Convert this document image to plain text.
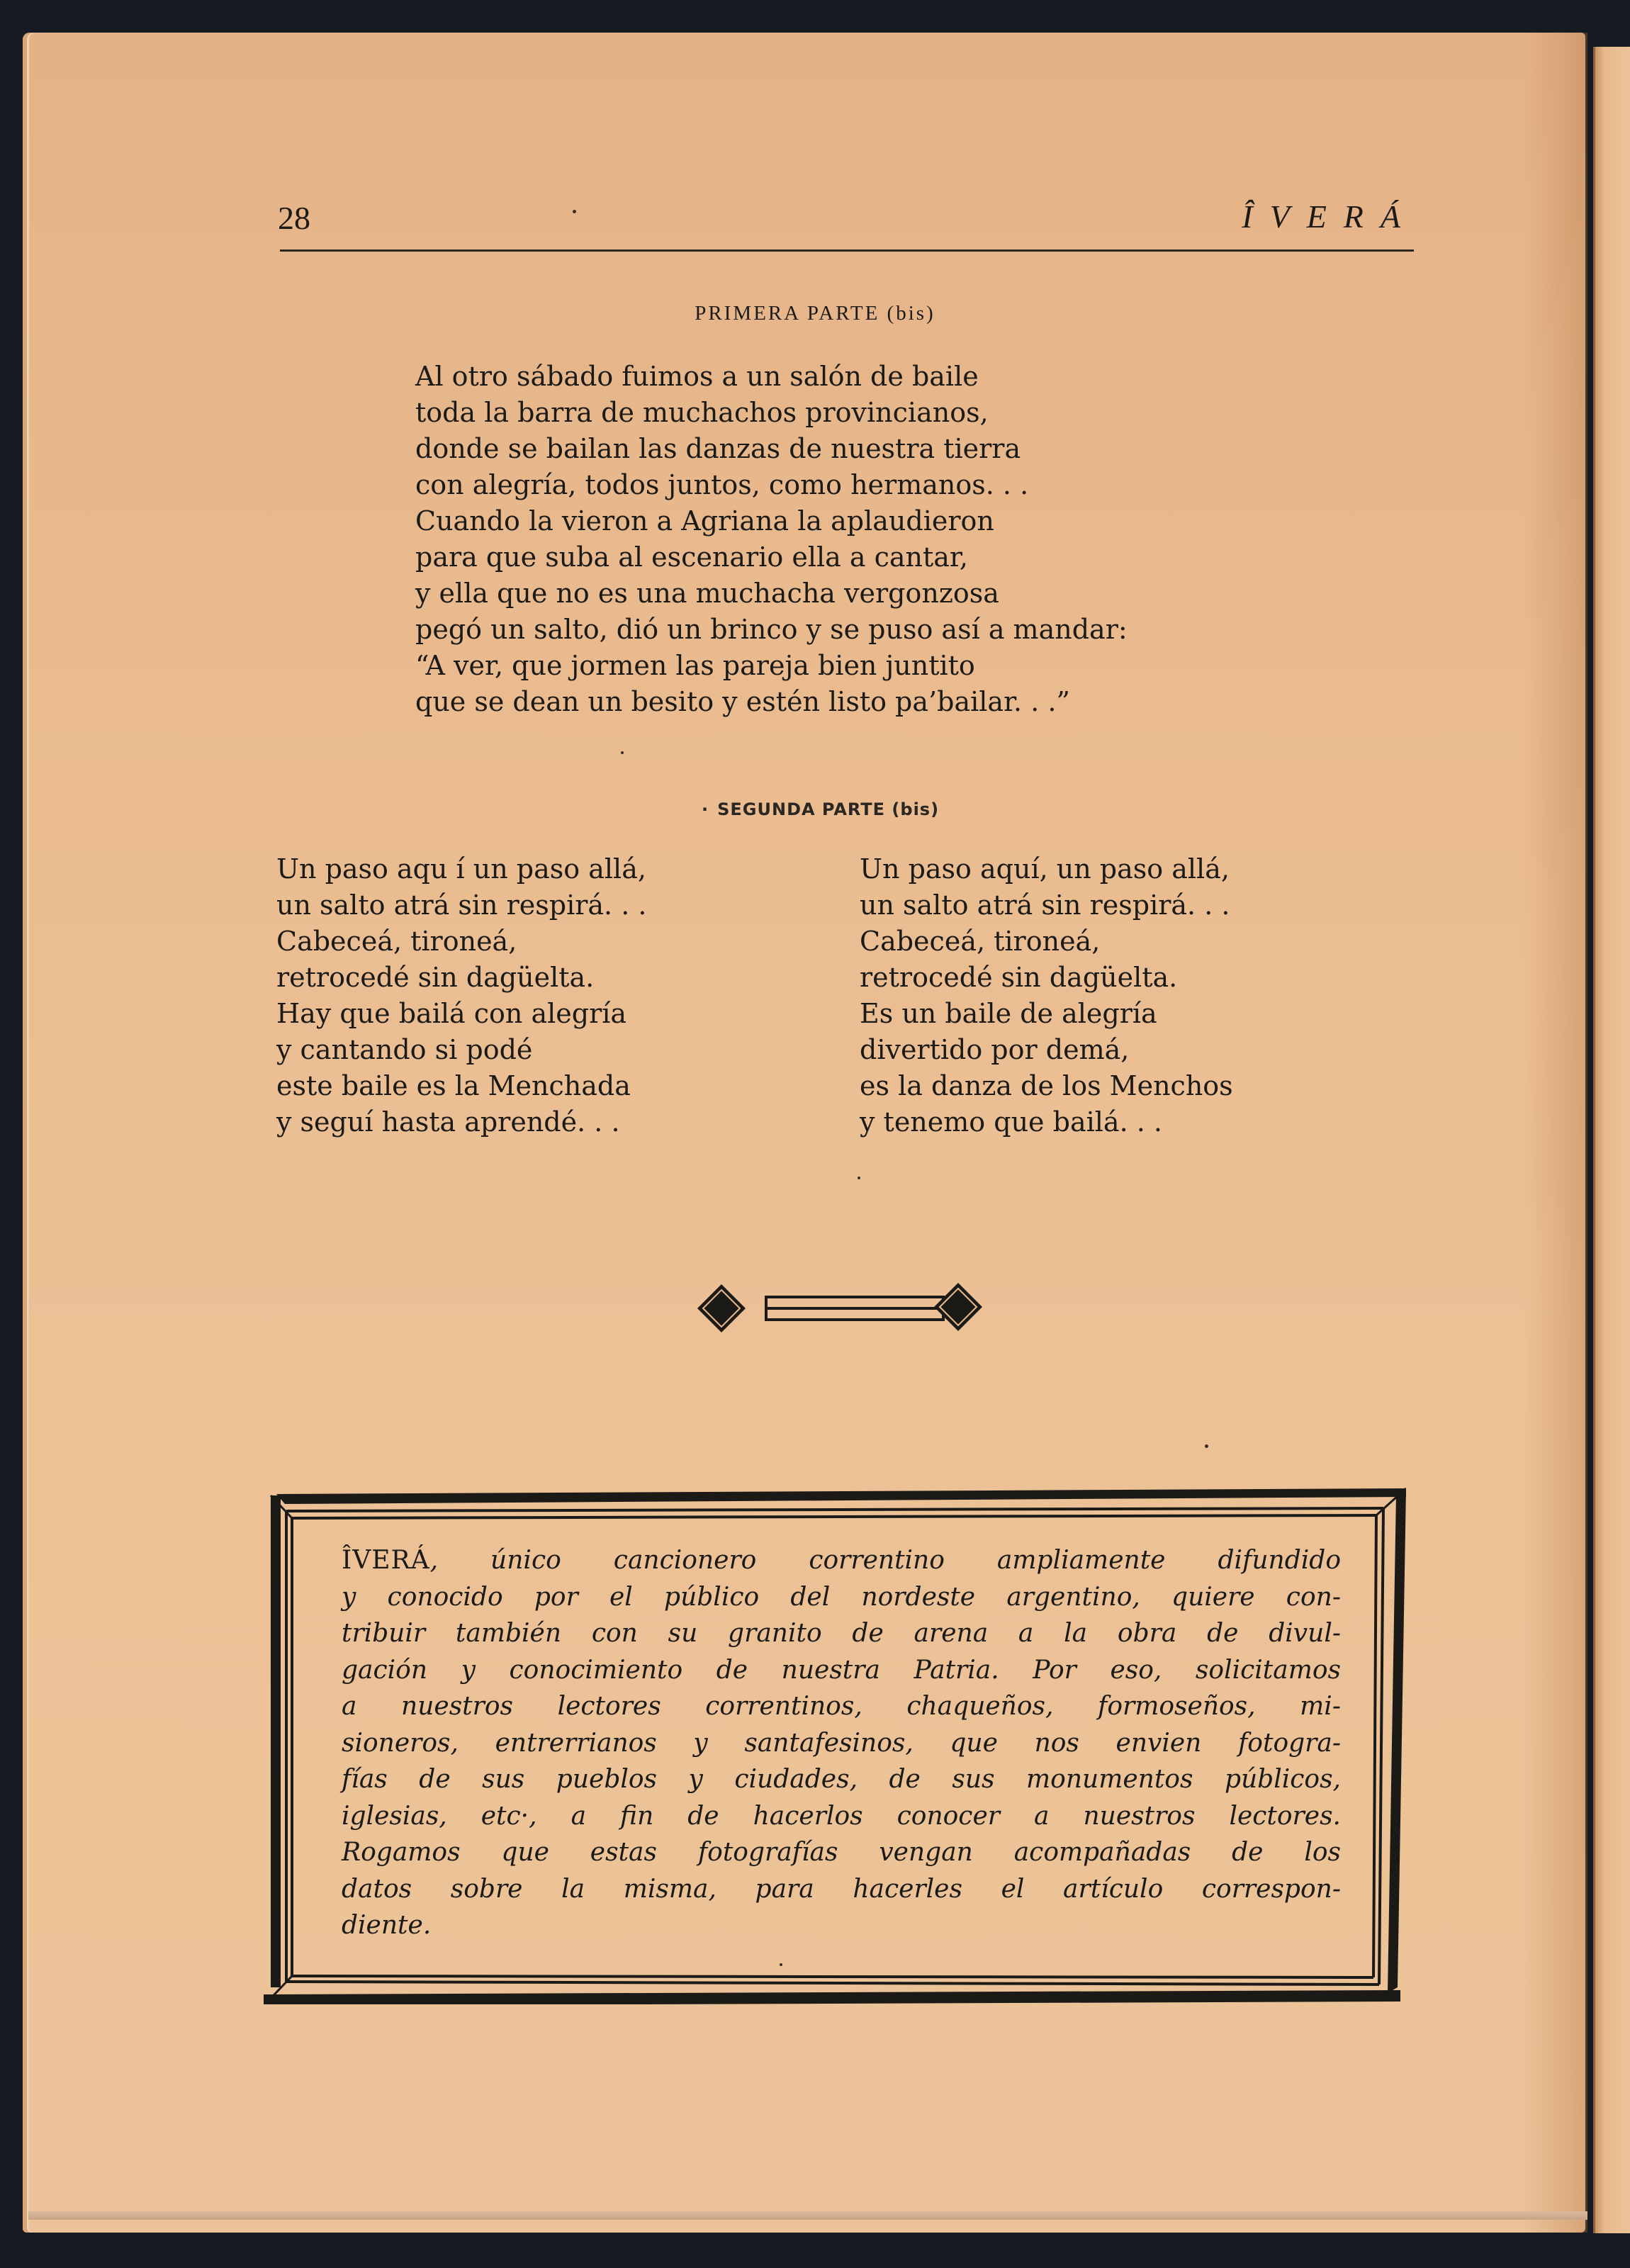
28	ÎVERÁ
PRIMERA PARTE (bis)
Al otro sábado fuimos a un salón de baile
toda la barra de muchachos provincianos,
donde se bailan las danzas de nuestra tierra
con alegría, todos juntos, como hermanos. . .
Cuando la vieron a Agriana la aplaudieron
para que suba al escenario ella a cantar,
y ella que no es una muchacha vergonzosa
pegó un salto, dió un brinco y se puso así a mandar:
“A ver, que jormen las pareja bien juntito
que se dean un besito y estén listo pa’bailar. . .”
· SEGUNDA PARTE (bis)
Un paso aqu í un paso allá,
un salto atrá sin respirá. . .
Cabeceá, tironeá,
retrocedé sin dagüelta.
Hay que bailá con alegría
y cantando si podé
este baile es la Menchada
y seguí hasta aprendé. . .
Un paso aquí, un paso allá,
un salto atrá sin respirá. . .
Cabeceá, tironeá,
retrocedé sin dagüelta.
Es un baile de alegría
divertido por demá,
es la danza de los Menchos
y tenemo que bailá. . .
ÎVERÁ, único cancionero correntino ampliamente difundido
y conocido por el público del nordeste argentino, quiere con-
tribuir también con su granito de arena a la obra de divul-
gación y conocimiento de nuestra Patria. Por eso, solicitamos
a nuestros lectores correntinos, chaqueños, formoseños, mi-
sioneros, entrerrianos y santafesinos, que nos envien fotogra-
fías de sus pueblos y ciudades, de sus monumentos públicos,
iglesias, etc·, a fin de hacerlos conocer a nuestros lectores.
Rogamos que estas fotografías vengan acompañadas de los
datos sobre la misma, para hacerles el artículo correspon-
diente.
